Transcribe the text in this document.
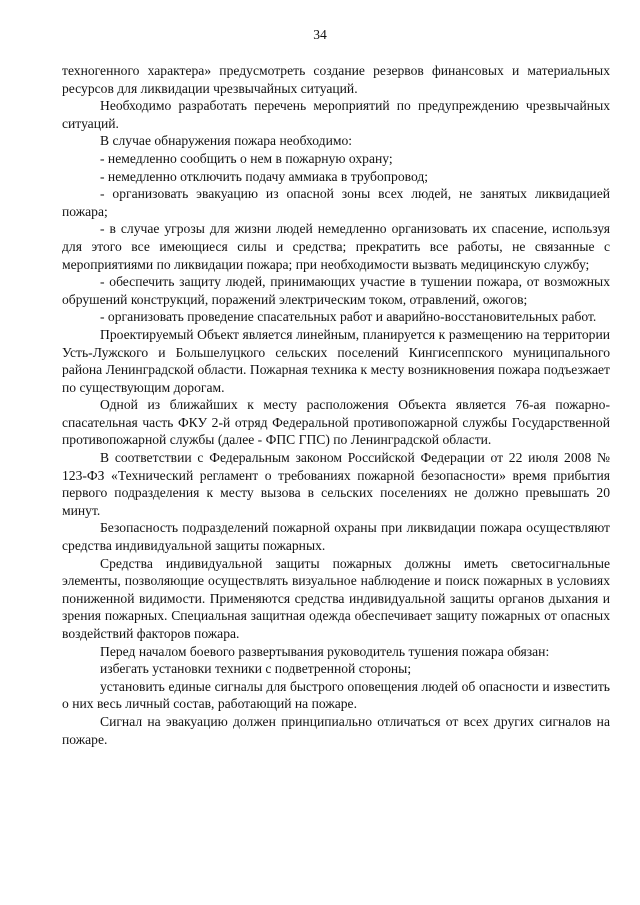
34

техногенного характера» предусмотреть создание резервов финансовых и материальных ресурсов для ликвидации чрезвычайных ситуаций.

Необходимо разработать перечень мероприятий по предупреждению чрезвычайных ситуаций.

В случае обнаружения пожара необходимо:

- немедленно сообщить о нем в пожарную охрану;

- немедленно отключить подачу аммиака в трубопровод;

- организовать эвакуацию из опасной зоны всех людей, не занятых ликвидацией пожара;

- в случае угрозы для жизни людей немедленно организовать их спасение, используя для этого все имеющиеся силы и средства; прекратить все работы, не связанные с мероприятиями по ликвидации пожара; при необходимости вызвать медицинскую службу;

- обеспечить защиту людей, принимающих участие в тушении пожара, от возможных обрушений конструкций, поражений электрическим током, отравлений, ожогов;

- организовать проведение спасательных работ и аварийно-восстановительных работ.

Проектируемый Объект является линейным, планируется к размещению на территории Усть-Лужского и Большелуцкого сельских поселений Кингисеппского муниципального района Ленинградской области. Пожарная техника к месту возникновения пожара подъезжает по существующим дорогам.

Одной из ближайших к месту расположения Объекта является 76-ая пожарно-спасательная часть ФКУ 2-й отряд Федеральной противопожарной службы Государственной противопожарной службы (далее - ФПС ГПС) по Ленинградской области.

В соответствии с Федеральным законом Российской Федерации от 22 июля 2008 № 123-ФЗ «Технический регламент о требованиях пожарной безопасности» время прибытия первого подразделения к месту вызова в сельских поселениях не должно превышать 20 минут.

Безопасность подразделений пожарной охраны при ликвидации пожара осуществляют средства индивидуальной защиты пожарных.

Средства индивидуальной защиты пожарных должны иметь светосигнальные элементы, позволяющие осуществлять визуальное наблюдение и поиск пожарных в условиях пониженной видимости. Применяются средства индивидуальной защиты органов дыхания и зрения пожарных. Специальная защитная одежда обеспечивает защиту пожарных от опасных воздействий факторов пожара.

Перед началом боевого развертывания руководитель тушения пожара обязан:

избегать установки техники с подветренной стороны;

установить единые сигналы для быстрого оповещения людей об опасности и известить о них весь личный состав, работающий на пожаре.

Сигнал на эвакуацию должен принципиально отличаться от всех других сигналов на пожаре.
